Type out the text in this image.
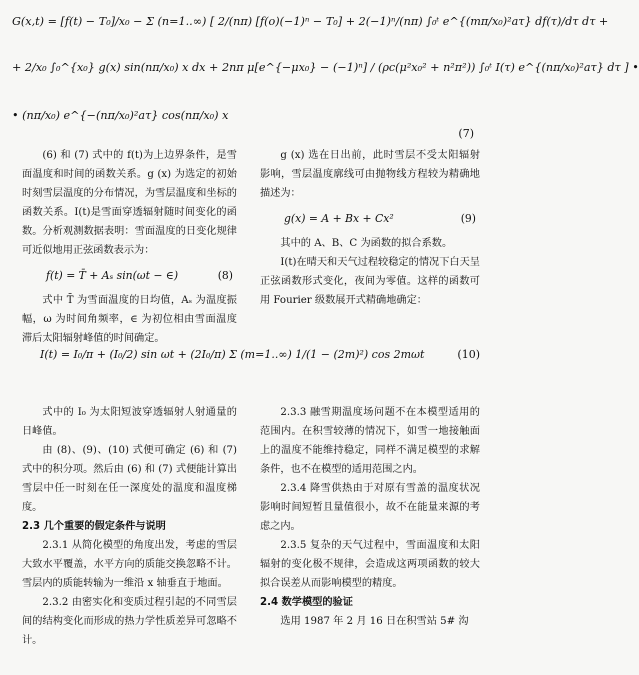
G(x,t) = [f(t) − T₀]/x₀ − Σ (n=1..∞) [ 2/(nπ) [f(o)(−1)ⁿ − T₀] + 2(−1)ⁿ/(nπ) ∫₀ᵗ e^{(mπ/x₀)²aτ} df(τ)/dτ dτ +
+ 2/x₀ ∫₀^{x₀} g(x) sin(nπ/x₀) x dx + 2nπ μ[e^{−μx₀} − (−1)ⁿ] / (ρc(μ²x₀² + n²π²)) ∫₀ᵗ I(τ) e^{(nπ/x₀)²aτ} dτ ] •
• (nπ/x₀) e^{−(nπ/x₀)²aτ} cos(nπ/x₀) x
(7)

(6) 和 (7) 式中的 f(t)为上边界条件，是雪面温度和时间的函数关系。g (x) 为选定的初始时刻雪层温度的分布情况，为雪层温度和坐标的函数关系。I(t)是雪面穿透辐射随时间变化的函数。分析观测数据表明：雪面温度的日变化规律可近似地用正弦函数表示为：

f(t) = T̄ + Aₛ sin(ωt − ∈)	(8)

式中 T̄ 为雪面温度的日均值，Aₛ 为温度振幅，ω 为时间角频率，∈ 为初位相由雪面温度滞后太阳辐射峰值的时间确定。

g (x) 选在日出前，此时雪层不受太阳辐射影响，雪层温度廓线可由抛物线方程较为精确地描述为：

g(x) = A + Bx + Cx²	(9)

其中的 A、B、C 为函数的拟合系数。

I(t)在晴天和天气过程较稳定的情况下白天呈正弦函数形式变化，夜间为零值。这样的函数可用 Fourier 级数展开式精确地确定：

I(t) = I₀/π + (I₀/2) sin ωt + (2I₀/π) Σ (m=1..∞) 1/(1 − (2m)²) cos 2mωt	(10)

式中的 I₀ 为太阳短波穿透辐射人射通量的日峰值。

由 (8)、(9)、(10) 式便可确定 (6) 和 (7) 式中的积分项。然后由 (6) 和 (7) 式便能计算出雪层中任一时刻在任一深度处的温度和温度梯度。

2.3 几个重要的假定条件与说明

2.3.1 从简化模型的角度出发，考虑的雪层大致水平覆盖，水平方向的质能交换忽略不计。雪层内的质能转输为一维沿 x 轴垂直于地面。

2.3.2 由密实化和变质过程引起的不同雪层间的结构变化而形成的热力学性质差异可忽略不计。

2.3.3 融雪期温度场问题不在本模型适用的范围内。在积雪较薄的情况下，如雪一地接触面上的温度不能维持稳定，同样不满足模型的求解条件，也不在模型的适用范围之内。

2.3.4 降雪供热由于对原有雪盖的温度状况影响时间短暂且量值很小，故不在能量来源的考虑之内。

2.3.5 复杂的天气过程中，雪面温度和太阳辐射的变化极不规律，会造成这两项函数的较大拟合误差从而影响模型的精度。

2.4 数学模型的验证

选用 1987 年 2 月 16 日在积雪站 5# 沟
